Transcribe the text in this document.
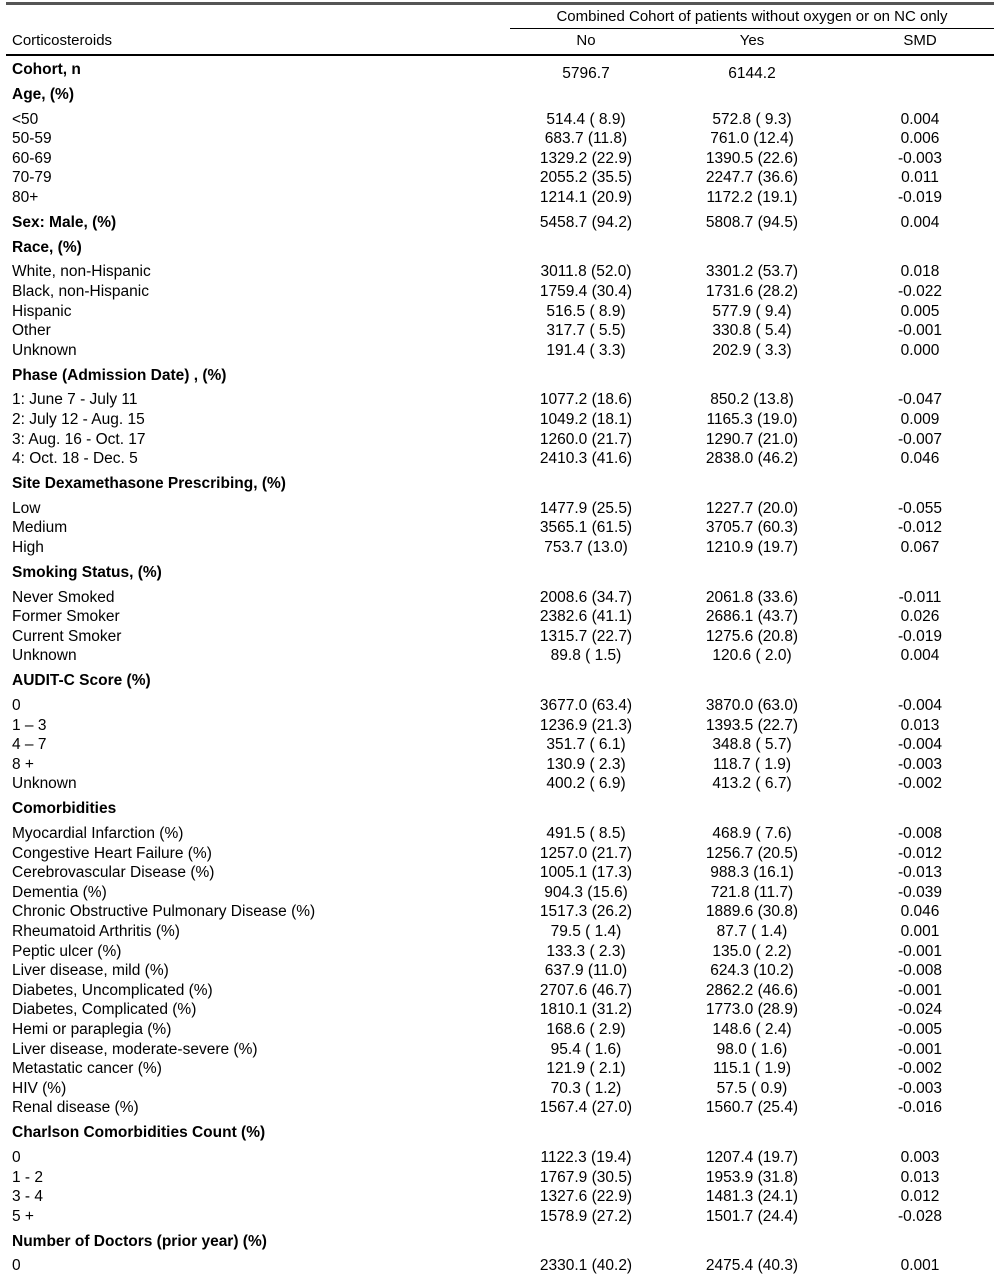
Combined Cohort of patients without oxygen or on NC only
Corticosteroids	No	Yes	SMD
Cohort, n	5796.7	6144.2
Age, (%)
<50	514.4 ( 8.9)	572.8 ( 9.3)	0.004
50-59	683.7 (11.8)	761.0 (12.4)	0.006
60-69	1329.2 (22.9)	1390.5 (22.6)	-0.003
70-79	2055.2 (35.5)	2247.7 (36.6)	0.011
80+	1214.1 (20.9)	1172.2 (19.1)	-0.019
Sex: Male, (%)	5458.7 (94.2)	5808.7 (94.5)	0.004
Race, (%)
White, non-Hispanic	3011.8 (52.0)	3301.2 (53.7)	0.018
Black, non-Hispanic	1759.4 (30.4)	1731.6 (28.2)	-0.022
Hispanic	516.5 ( 8.9)	577.9 ( 9.4)	0.005
Other	317.7 ( 5.5)	330.8 ( 5.4)	-0.001
Unknown	191.4 ( 3.3)	202.9 ( 3.3)	0.000
Phase (Admission Date) , (%)
1: June 7 - July 11	1077.2 (18.6)	850.2 (13.8)	-0.047
2: July 12 - Aug. 15	1049.2 (18.1)	1165.3 (19.0)	0.009
3: Aug. 16 - Oct. 17	1260.0 (21.7)	1290.7 (21.0)	-0.007
4: Oct. 18 - Dec. 5	2410.3 (41.6)	2838.0 (46.2)	0.046
Site Dexamethasone Prescribing, (%)
Low	1477.9 (25.5)	1227.7 (20.0)	-0.055
Medium	3565.1 (61.5)	3705.7 (60.3)	-0.012
High	753.7 (13.0)	1210.9 (19.7)	0.067
Smoking Status, (%)
Never Smoked	2008.6 (34.7)	2061.8 (33.6)	-0.011
Former Smoker	2382.6 (41.1)	2686.1 (43.7)	0.026
Current Smoker	1315.7 (22.7)	1275.6 (20.8)	-0.019
Unknown	89.8 ( 1.5)	120.6 ( 2.0)	0.004
AUDIT-C Score (%)
0	3677.0 (63.4)	3870.0 (63.0)	-0.004
1 – 3	1236.9 (21.3)	1393.5 (22.7)	0.013
4 – 7	351.7 ( 6.1)	348.8 ( 5.7)	-0.004
8 +	130.9 ( 2.3)	118.7 ( 1.9)	-0.003
Unknown	400.2 ( 6.9)	413.2 ( 6.7)	-0.002
Comorbidities
Myocardial Infarction (%)	491.5 ( 8.5)	468.9 ( 7.6)	-0.008
Congestive Heart Failure (%)	1257.0 (21.7)	1256.7 (20.5)	-0.012
Cerebrovascular Disease (%)	1005.1 (17.3)	988.3 (16.1)	-0.013
Dementia (%)	904.3 (15.6)	721.8 (11.7)	-0.039
Chronic Obstructive Pulmonary Disease (%)	1517.3 (26.2)	1889.6 (30.8)	0.046
Rheumatoid Arthritis (%)	79.5 ( 1.4)	87.7 ( 1.4)	0.001
Peptic ulcer (%)	133.3 ( 2.3)	135.0 ( 2.2)	-0.001
Liver disease, mild (%)	637.9 (11.0)	624.3 (10.2)	-0.008
Diabetes, Uncomplicated (%)	2707.6 (46.7)	2862.2 (46.6)	-0.001
Diabetes, Complicated (%)	1810.1 (31.2)	1773.0 (28.9)	-0.024
Hemi or paraplegia (%)	168.6 ( 2.9)	148.6 ( 2.4)	-0.005
Liver disease, moderate-severe (%)	95.4 ( 1.6)	98.0 ( 1.6)	-0.001
Metastatic cancer (%)	121.9 ( 2.1)	115.1 ( 1.9)	-0.002
HIV (%)	70.3 ( 1.2)	57.5 ( 0.9)	-0.003
Renal disease (%)	1567.4 (27.0)	1560.7 (25.4)	-0.016
Charlson Comorbidities Count (%)
0	1122.3 (19.4)	1207.4 (19.7)	0.003
1 - 2	1767.9 (30.5)	1953.9 (31.8)	0.013
3 - 4	1327.6 (22.9)	1481.3 (24.1)	0.012
5 +	1578.9 (27.2)	1501.7 (24.4)	-0.028
Number of Doctors (prior year) (%)
0	2330.1 (40.2)	2475.4 (40.3)	0.001
